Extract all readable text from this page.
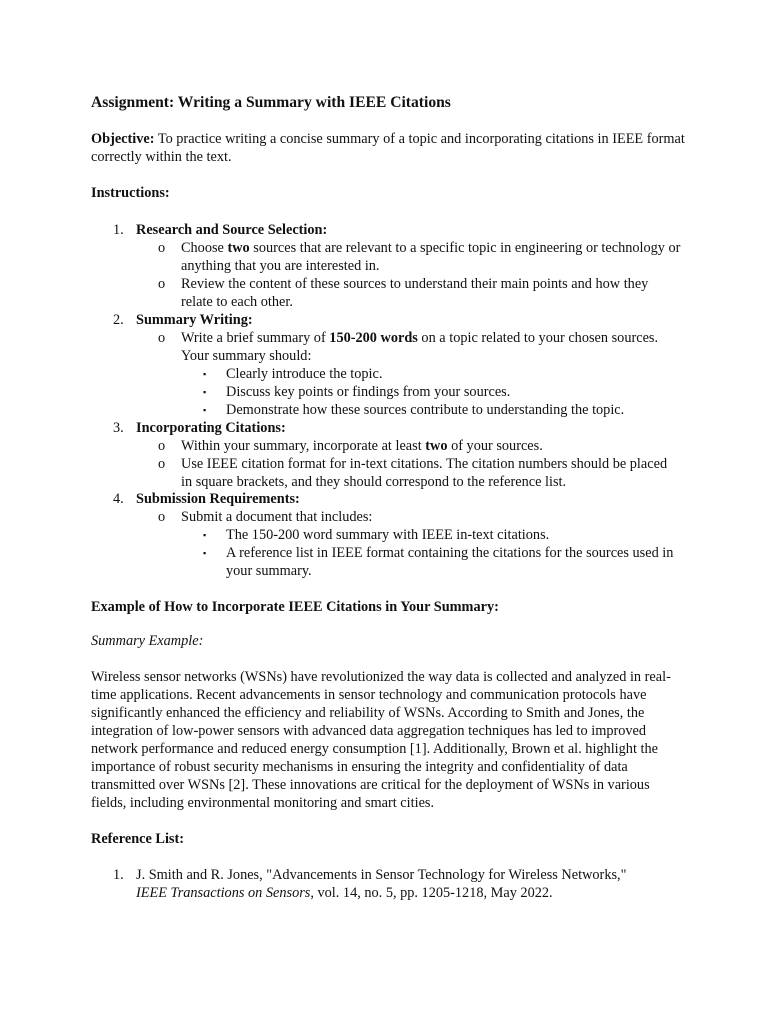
Assignment: Writing a Summary with IEEE Citations
Objective: To practice writing a concise summary of a topic and incorporating citations in IEEE format correctly within the text.
Instructions:
1. Research and Source Selection:
o Choose two sources that are relevant to a specific topic in engineering or technology or anything that you are interested in.
o Review the content of these sources to understand their main points and how they relate to each other.
2. Summary Writing:
o Write a brief summary of 150-200 words on a topic related to your chosen sources. Your summary should:
▪ Clearly introduce the topic.
▪ Discuss key points or findings from your sources.
▪ Demonstrate how these sources contribute to understanding the topic.
3. Incorporating Citations:
o Within your summary, incorporate at least two of your sources.
o Use IEEE citation format for in-text citations. The citation numbers should be placed in square brackets, and they should correspond to the reference list.
4. Submission Requirements:
o Submit a document that includes:
▪ The 150-200 word summary with IEEE in-text citations.
▪ A reference list in IEEE format containing the citations for the sources used in your summary.
Example of How to Incorporate IEEE Citations in Your Summary:
Summary Example:
Wireless sensor networks (WSNs) have revolutionized the way data is collected and analyzed in real-time applications. Recent advancements in sensor technology and communication protocols have significantly enhanced the efficiency and reliability of WSNs. According to Smith and Jones, the integration of low-power sensors with advanced data aggregation techniques has led to improved network performance and reduced energy consumption [1]. Additionally, Brown et al. highlight the importance of robust security mechanisms in ensuring the integrity and confidentiality of data transmitted over WSNs [2]. These innovations are critical for the deployment of WSNs in various fields, including environmental monitoring and smart cities.
Reference List:
1. J. Smith and R. Jones, "Advancements in Sensor Technology for Wireless Networks,"
IEEE Transactions on Sensors, vol. 14, no. 5, pp. 1205-1218, May 2022.
